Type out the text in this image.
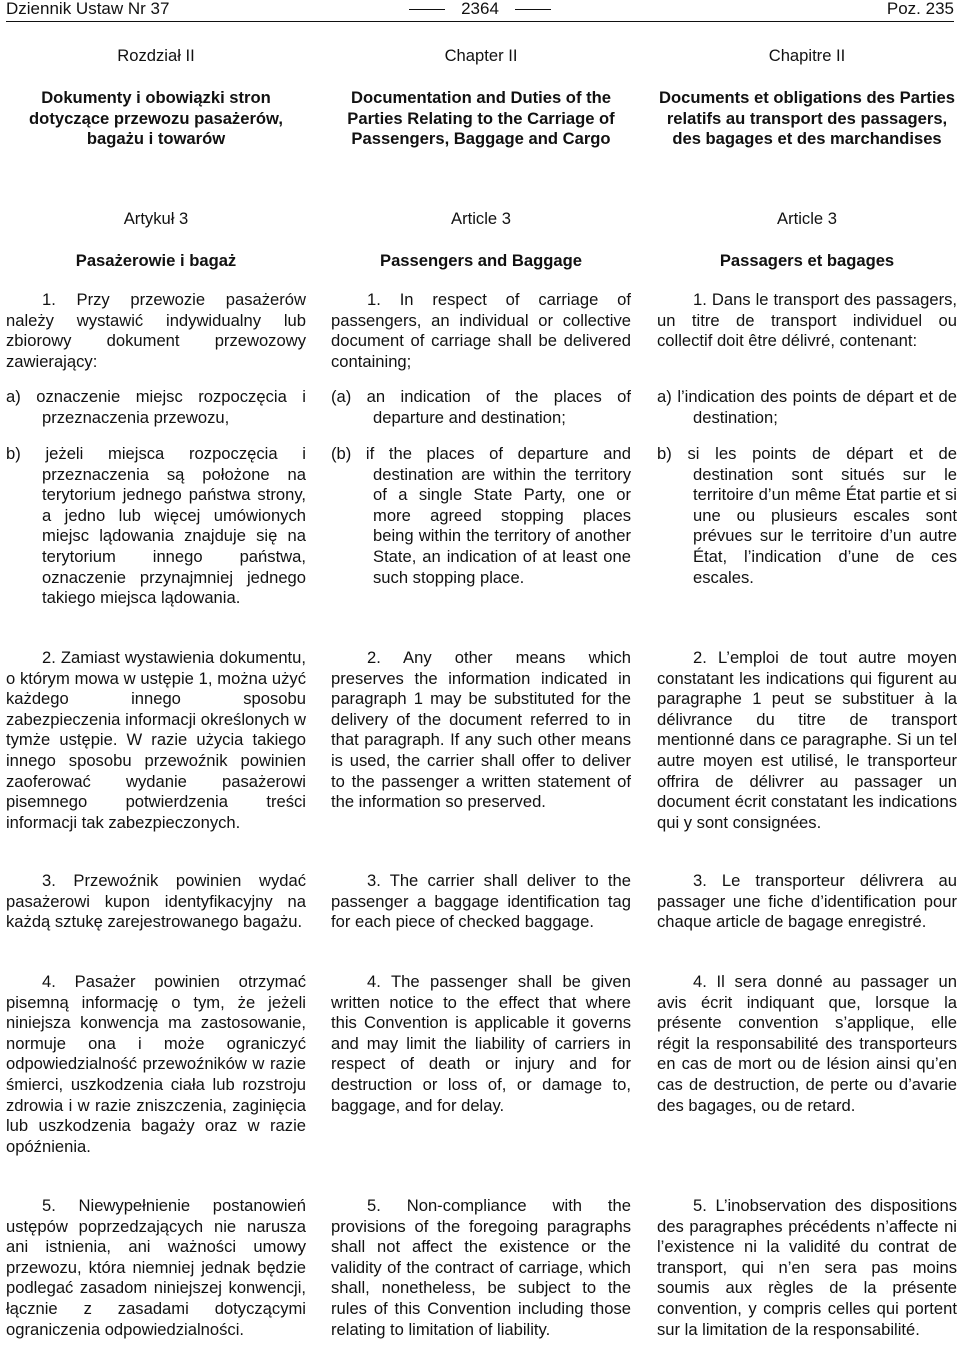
Dziennik Ustaw Nr 37	2364	Poz. 235
Rozdział II
Dokumenty i obowiązki stron dotyczące przewozu pasażerów, bagażu i towarów
Artykuł 3
Pasażerowie i bagaż

1. Przy przewozie pasażerów należy wystawić indywidualny lub zbiorowy dokument przewozowy zawierający:

a) oznaczenie miejsc rozpoczęcia i przeznaczenia przewozu,

b) jeżeli miejsca rozpoczęcia i przeznaczenia są położone na terytorium jednego państwa strony, a jedno lub więcej umówionych miejsc lądowania znajduje się na terytorium innego państwa, oznaczenie przynajmniej jednego takiego miejsca lądowania.

2. Zamiast wystawienia dokumentu, o którym mowa w ustępie 1, można użyć każdego innego sposobu zabezpieczenia informacji określonych w tymże ustępie. W razie użycia takiego innego sposobu przewoźnik powinien zaoferować wydanie pasażerowi pisemnego potwierdzenia treści informacji tak zabezpieczonych.

3. Przewoźnik powinien wydać pasażerowi kupon identyfikacyjny na każdą sztukę zarejestrowanego bagażu.

4. Pasażer powinien otrzymać pisemną informację o tym, że jeżeli niniejsza konwencja ma zastosowanie, normuje ona i może ograniczyć odpowiedzialność przewoźników w razie śmierci, uszkodzenia ciała lub rozstroju zdrowia i w razie zniszczenia, zaginięcia lub uszkodzenia bagaży oraz w razie opóźnienia.

5. Niewypełnienie postanowień ustępów poprzedzających nie narusza ani istnienia, ani ważności umowy przewozu, która niemniej jednak będzie podlegać zasadom niniejszej konwencji, łącznie z zasadami dotyczącymi ograniczenia odpowiedzialności.

Chapter II
Documentation and Duties of the Parties Relating to the Carriage of Passengers, Baggage and Cargo
Article 3
Passengers and Baggage

1. In respect of carriage of passengers, an individual or collective document of carriage shall be delivered containing;

(a) an indication of the places of departure and destination;

(b) if the places of departure and destination are within the territory of a single State Party, one or more agreed stopping places being within the territory of another State, an indication of at least one such stopping place.

2. Any other means which preserves the information indicated in paragraph 1 may be substituted for the delivery of the document referred to in that paragraph. If any such other means is used, the carrier shall offer to deliver to the passenger a written statement of the information so preserved.

3. The carrier shall deliver to the passenger a baggage identification tag for each piece of checked baggage.

4. The passenger shall be given written notice to the effect that where this Convention is applicable it governs and may limit the liability of carriers in respect of death or injury and for destruction or loss of, or damage to, baggage, and for delay.

5. Non-compliance with the provisions of the foregoing paragraphs shall not affect the existence or the validity of the contract of carriage, which shall, nonetheless, be subject to the rules of this Convention including those relating to limitation of liability.

Chapitre II
Documents et obligations des Parties relatifs au transport des passagers, des bagages et des marchandises
Article 3
Passagers et bagages

1. Dans le transport des passagers, un titre de transport individuel ou collectif doit être délivré, contenant:

a) l’indication des points de départ et de destination;

b) si les points de départ et de destination sont situés sur le territoire d’un même État partie et si une ou plusieurs escales sont prévues sur le territoire d’un autre État, l’indication d’une de ces escales.

2. L’emploi de tout autre moyen constatant les indications qui figurent au paragraphe 1 peut se substituer à la délivrance du titre de transport mentionné dans ce paragraphe. Si un tel autre moyen est utilisé, le transporteur offrira de délivrer au passager un document écrit constatant les indications qui y sont consignées.

3. Le transporteur délivrera au passager une fiche d’identification pour chaque article de bagage enregistré.

4. Il sera donné au passager un avis écrit indiquant que, lorsque la présente convention s’applique, elle régit la responsabilité des transporteurs en cas de mort ou de lésion ainsi qu’en cas de destruction, de perte ou d’avarie des bagages, ou de retard.

5. L’inobservation des dispositions des paragraphes précédents n’affecte ni l’existence ni la validité du contrat de transport, qui n’en sera pas moins soumis aux règles de la présente convention, y compris celles qui portent sur la limitation de la responsabilité.
